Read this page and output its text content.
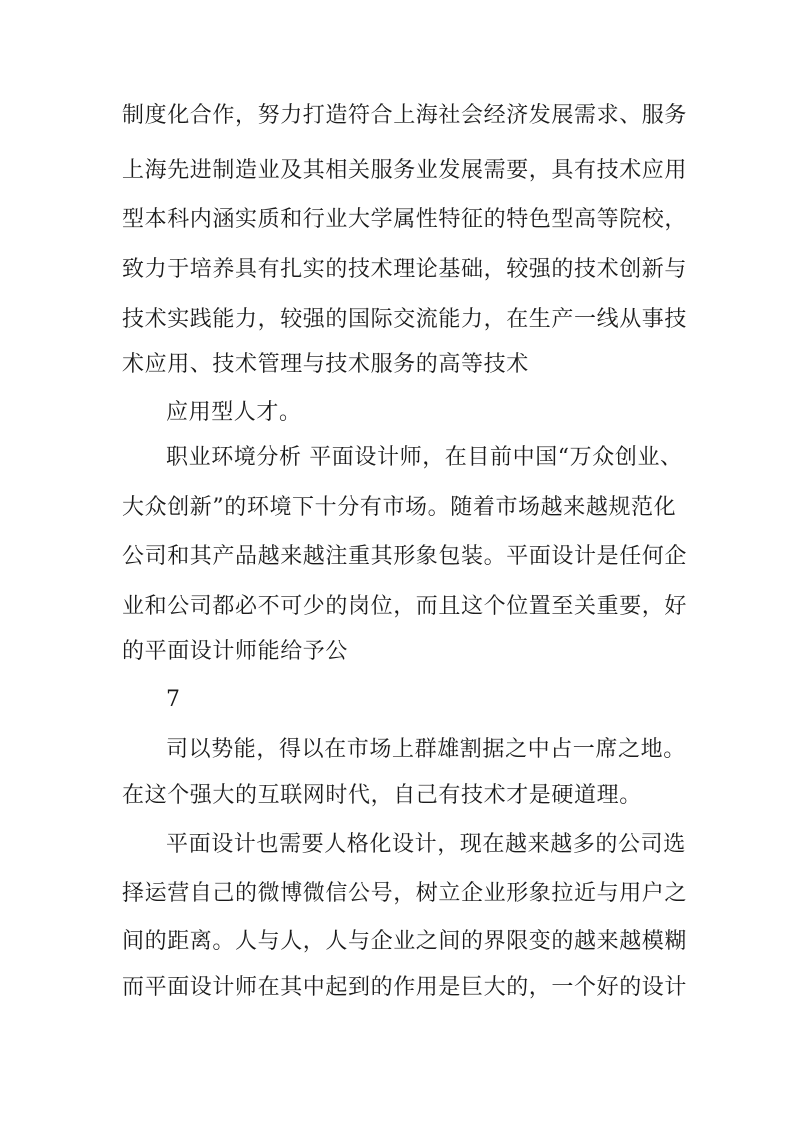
制度化合作，努力打造符合上海社会经济发展需求、服务
上海先进制造业及其相关服务业发展需要，具有技术应用
型本科内涵实质和行业大学属性特征的特色型高等院校，
致力于培养具有扎实的技术理论基础，较强的技术创新与
技术实践能力，较强的国际交流能力，在生产一线从事技
术应用、技术管理与技术服务的高等技术
应用型人才。
职业环境分析 平面设计师，在目前中国“万众创业、
大众创新”的环境下十分有市场。随着市场越来越规范化
公司和其产品越来越注重其形象包装。平面设计是任何企
业和公司都必不可少的岗位，而且这个位置至关重要，好
的平面设计师能给予公
7
司以势能，得以在市场上群雄割据之中占一席之地。
在这个强大的互联网时代，自己有技术才是硬道理。
平面设计也需要人格化设计，现在越来越多的公司选
择运营自己的微博微信公号，树立企业形象拉近与用户之
间的距离。人与人，人与企业之间的界限变的越来越模糊
而平面设计师在其中起到的作用是巨大的，一个好的设计
